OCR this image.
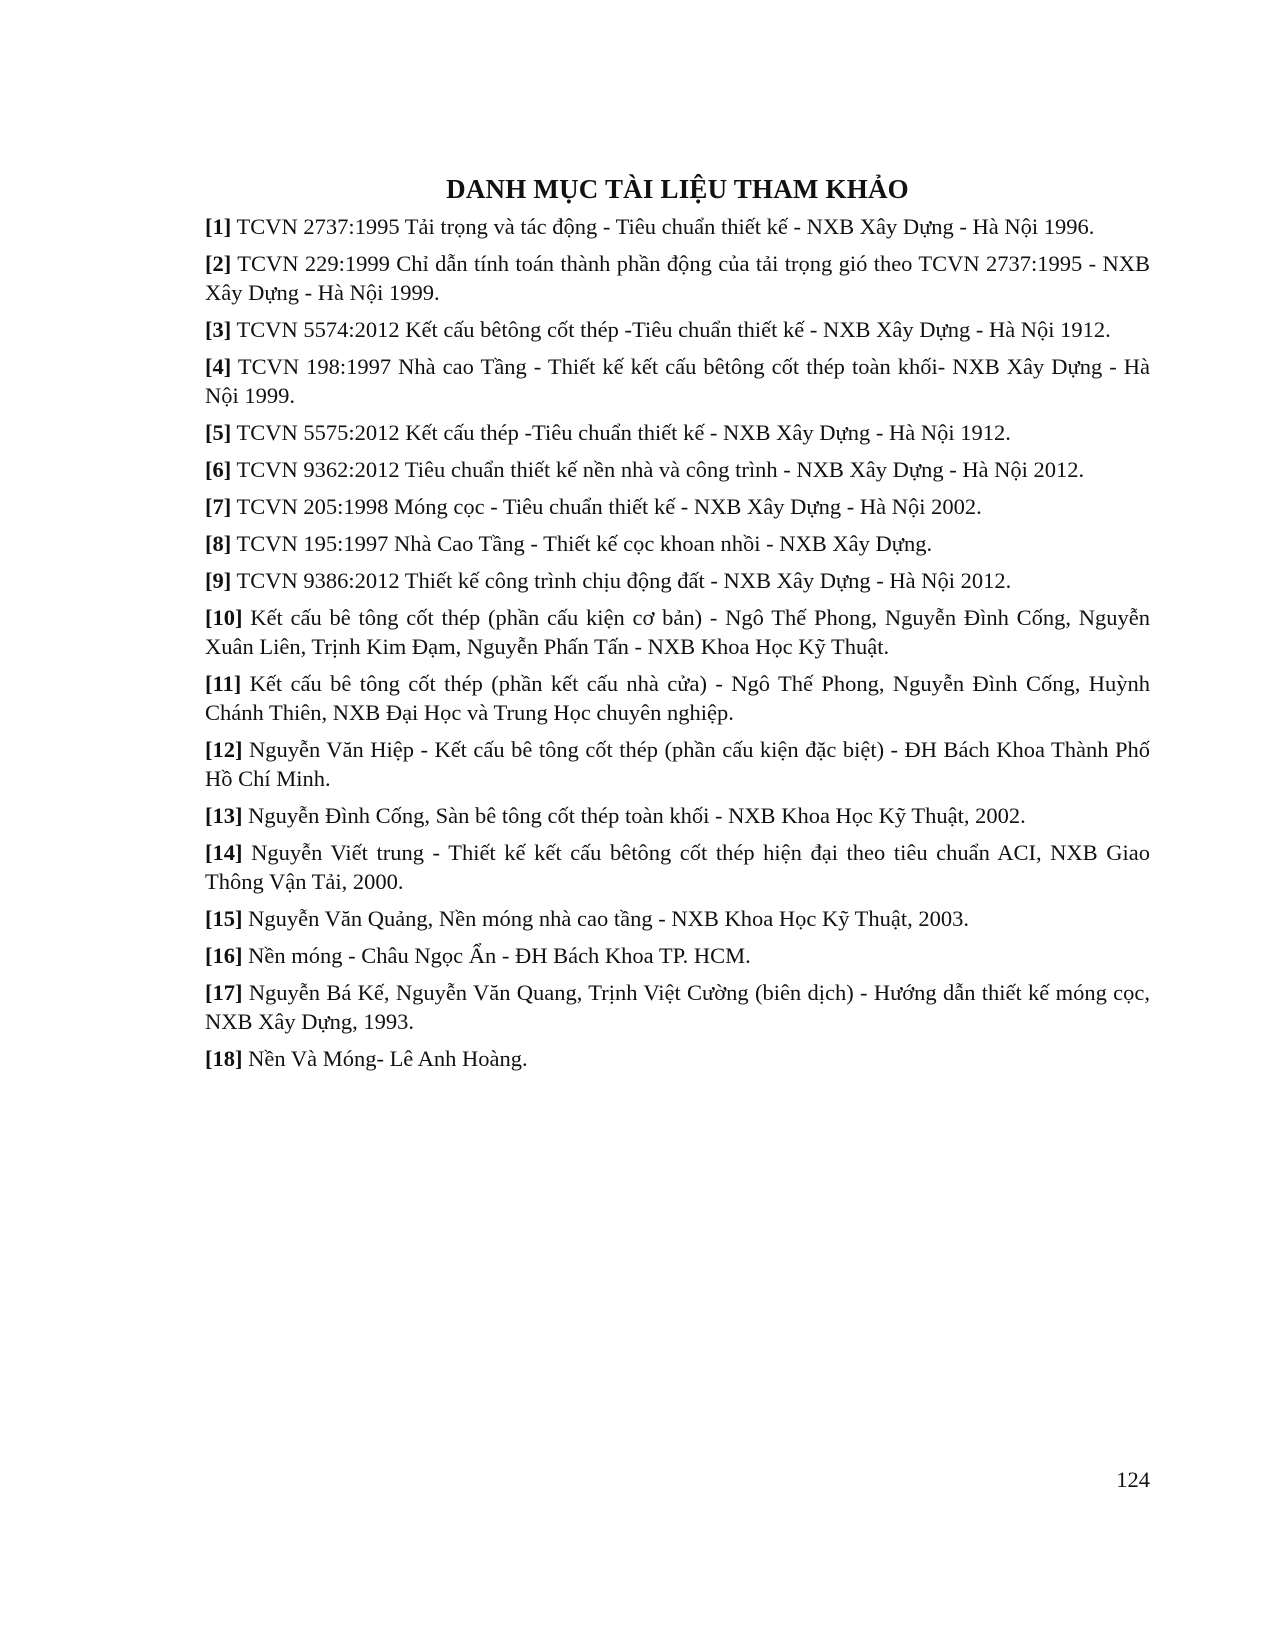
DANH MỤC TÀI LIỆU THAM KHẢO
[1] TCVN 2737:1995 Tải trọng và tác động - Tiêu chuẩn thiết kế - NXB Xây Dựng - Hà Nội 1996.
[2] TCVN 229:1999 Chỉ dẫn tính toán thành phần động của tải trọng gió theo TCVN 2737:1995 - NXB Xây Dựng - Hà Nội 1999.
[3] TCVN 5574:2012 Kết cấu bêtông cốt thép -Tiêu chuẩn thiết kế - NXB Xây Dựng - Hà Nội 1912.
[4] TCVN 198:1997 Nhà cao Tầng - Thiết kế kết cấu bêtông cốt thép toàn khối- NXB Xây Dựng - Hà Nội 1999.
[5] TCVN 5575:2012 Kết cấu thép -Tiêu chuẩn thiết kế - NXB Xây Dựng - Hà Nội 1912.
[6] TCVN 9362:2012 Tiêu chuẩn thiết kế nền nhà và công trình - NXB Xây Dựng - Hà Nội 2012.
[7] TCVN 205:1998 Móng cọc - Tiêu chuẩn thiết kế - NXB Xây Dựng - Hà Nội 2002.
[8] TCVN 195:1997 Nhà Cao Tầng - Thiết kế cọc khoan nhồi - NXB Xây Dựng.
[9] TCVN 9386:2012 Thiết kế công trình chịu động đất - NXB Xây Dựng - Hà Nội 2012.
[10] Kết cấu bê tông cốt thép (phần cấu kiện cơ bản) - Ngô Thế Phong, Nguyễn Đình Cống, Nguyễn Xuân Liên, Trịnh Kim Đạm, Nguyễn Phấn Tấn - NXB Khoa Học Kỹ Thuật.
[11] Kết cấu bê tông cốt thép (phần kết cấu nhà cửa) - Ngô Thế Phong, Nguyễn Đình Cống, Huỳnh Chánh Thiên, NXB Đại Học và Trung Học chuyên nghiệp.
[12] Nguyễn Văn Hiệp - Kết cấu bê tông cốt thép (phần cấu kiện đặc biệt) - ĐH Bách Khoa Thành Phố Hồ Chí Minh.
[13] Nguyễn Đình Cống, Sàn bê tông cốt thép toàn khối - NXB Khoa Học Kỹ Thuật, 2002.
[14] Nguyễn Viết trung - Thiết kế kết cấu bêtông cốt thép hiện đại theo tiêu chuẩn ACI, NXB Giao Thông Vận Tải, 2000.
[15] Nguyễn Văn Quảng, Nền móng nhà cao tầng - NXB Khoa Học Kỹ Thuật, 2003.
[16] Nền móng - Châu Ngọc Ẩn - ĐH Bách Khoa TP. HCM.
[17] Nguyễn Bá Kế, Nguyễn Văn Quang, Trịnh Việt Cường (biên dịch) - Hướng dẫn thiết kế móng cọc, NXB Xây Dựng, 1993.
[18] Nền Và Móng- Lê Anh Hoàng.
124
